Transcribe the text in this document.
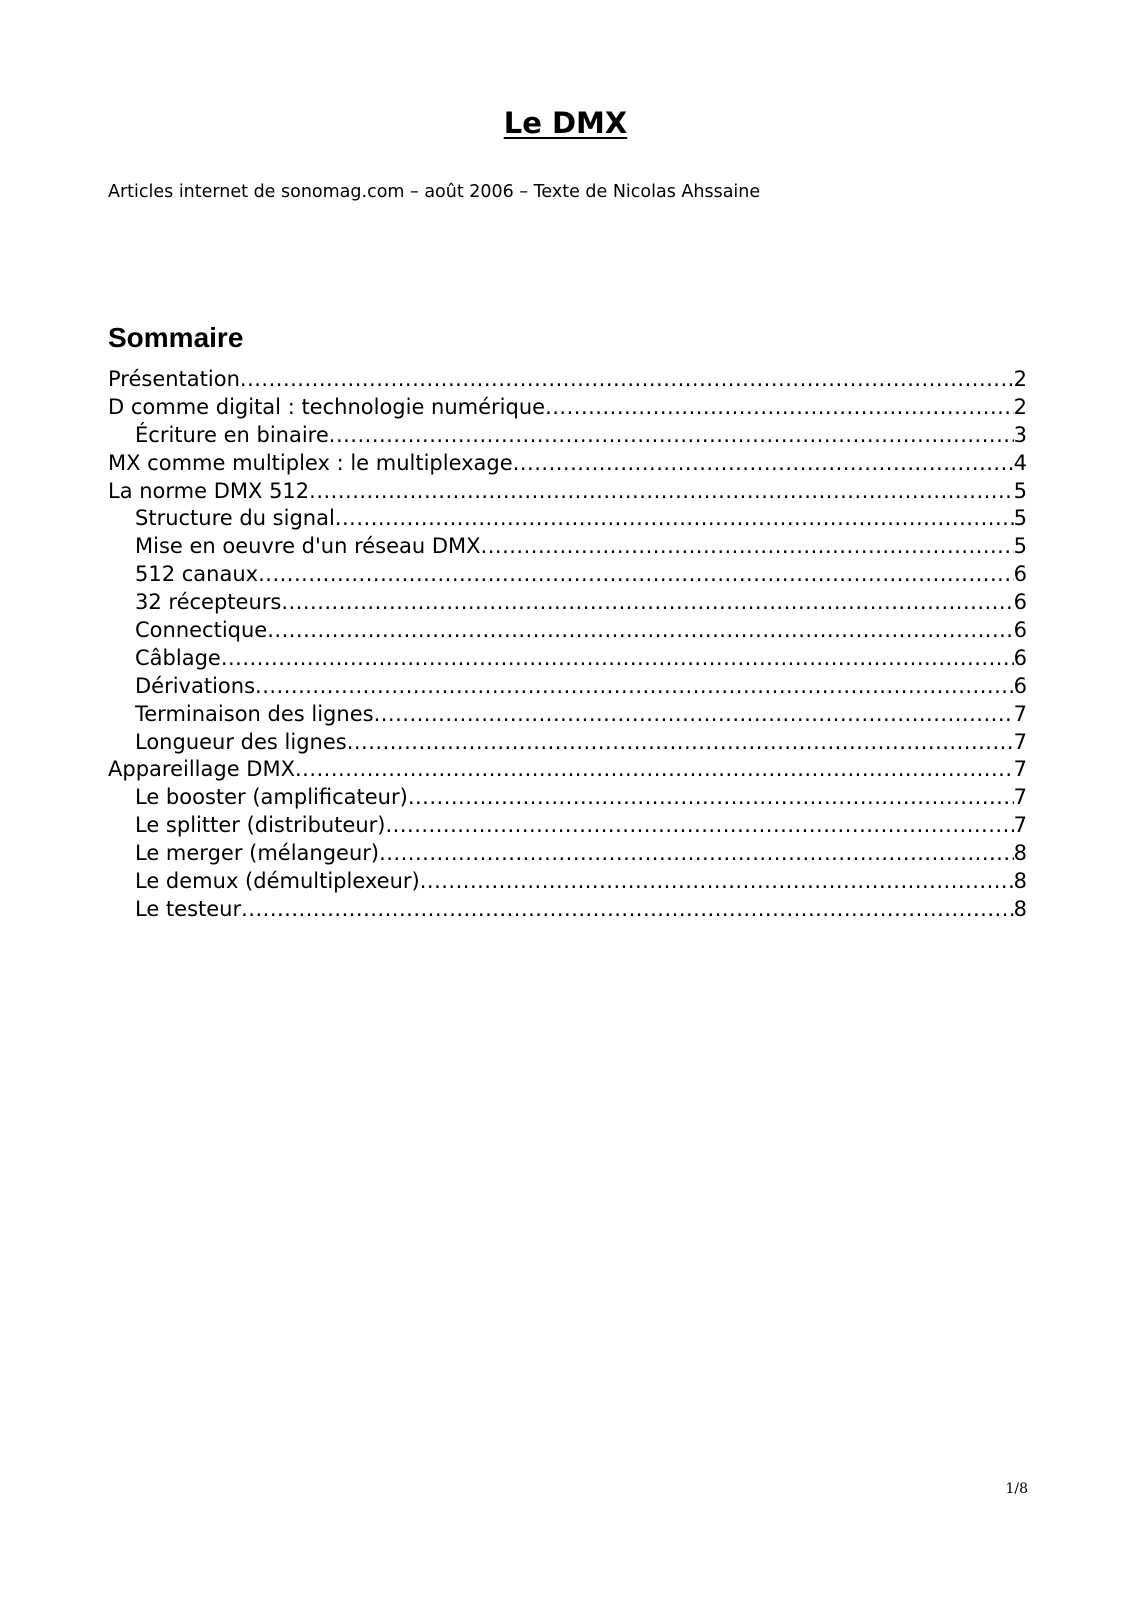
Le DMX

Articles internet de sonomag.com – août 2006 – Texte de Nicolas Ahssaine

Sommaire
Présentation .....	2
D comme digital : technologie numérique .....	2
Écriture en binaire .....	3
MX comme multiplex : le multiplexage .....	4
La norme DMX 512 .....	5
Structure du signal .....	5
Mise en oeuvre d'un réseau DMX .....	5
512 canaux .....	6
32 récepteurs .....	6
Connectique .....	6
Câblage .....	6
Dérivations .....	6
Terminaison des lignes .....	7
Longueur des lignes .....	7
Appareillage DMX .....	7
Le booster (amplificateur) .....	7
Le splitter (distributeur) .....	7
Le merger (mélangeur) .....	8
Le demux (démultiplexeur) .....	8
Le testeur .....	8

1/8
